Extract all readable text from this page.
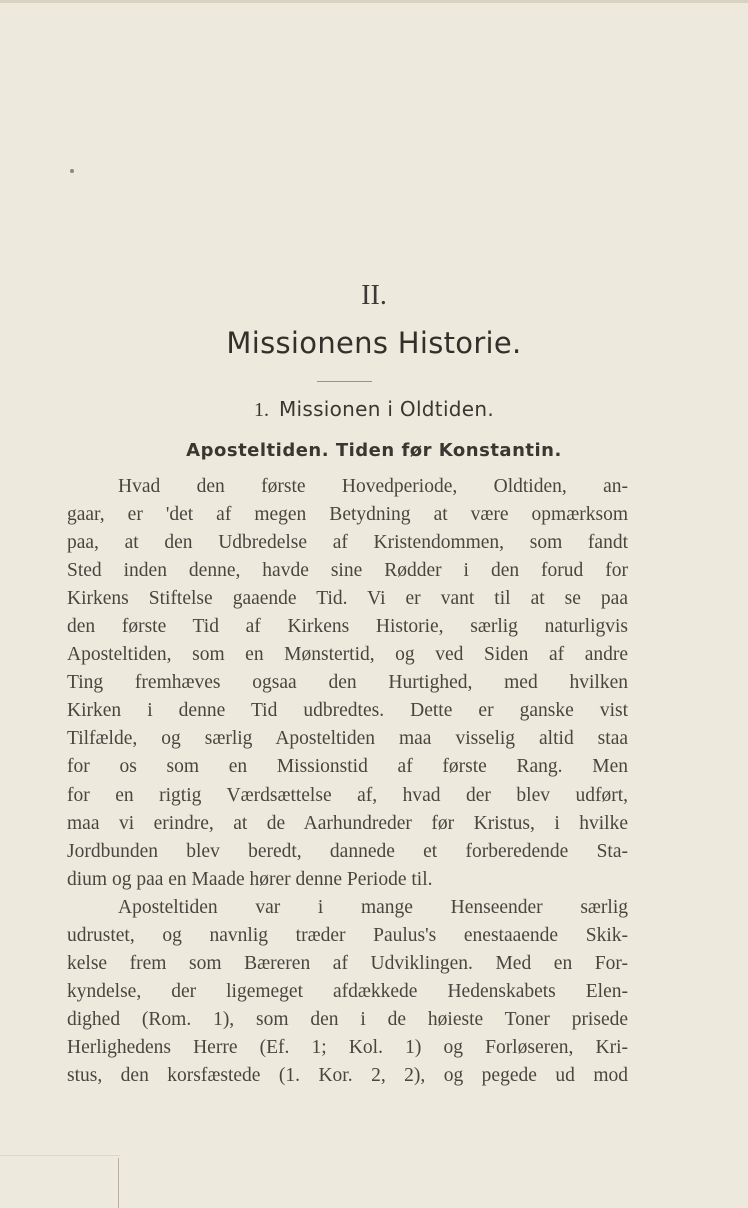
II.
Missionens Historie.
1. Missionen i Oldtiden.
Aposteltiden. Tiden før Konstantin.
Hvad den første Hovedperiode, Oldtiden, an-
gaar, er 'det af megen Betydning at være opmærksom
paa, at den Udbredelse af Kristendommen, som fandt
Sted inden denne, havde sine Rødder i den forud for
Kirkens Stiftelse gaaende Tid. Vi er vant til at se paa
den første Tid af Kirkens Historie, særlig naturligvis
Aposteltiden, som en Mønstertid, og ved Siden af andre
Ting fremhæves ogsaa den Hurtighed, med hvilken
Kirken i denne Tid udbredtes. Dette er ganske vist
Tilfælde, og særlig Aposteltiden maa visselig altid staa
for os som en Missionstid af første Rang. Men
for en rigtig Værdsættelse af, hvad der blev udført,
maa vi erindre, at de Aarhundreder før Kristus, i hvilke
Jordbunden blev beredt, dannede et forberedende Sta-
dium og paa en Maade hører denne Periode til.
Aposteltiden var i mange Henseender særlig
udrustet, og navnlig træder Paulus's enestaaende Skik-
kelse frem som Bæreren af Udviklingen. Med en For-
kyndelse, der ligemeget afdækkede Hedenskabets Elen-
dighed (Rom. 1), som den i de høieste Toner prisede
Herlighedens Herre (Ef. 1; Kol. 1) og Forløseren, Kri-
stus, den korsfæstede (1. Kor. 2, 2), og pegede ud mod
